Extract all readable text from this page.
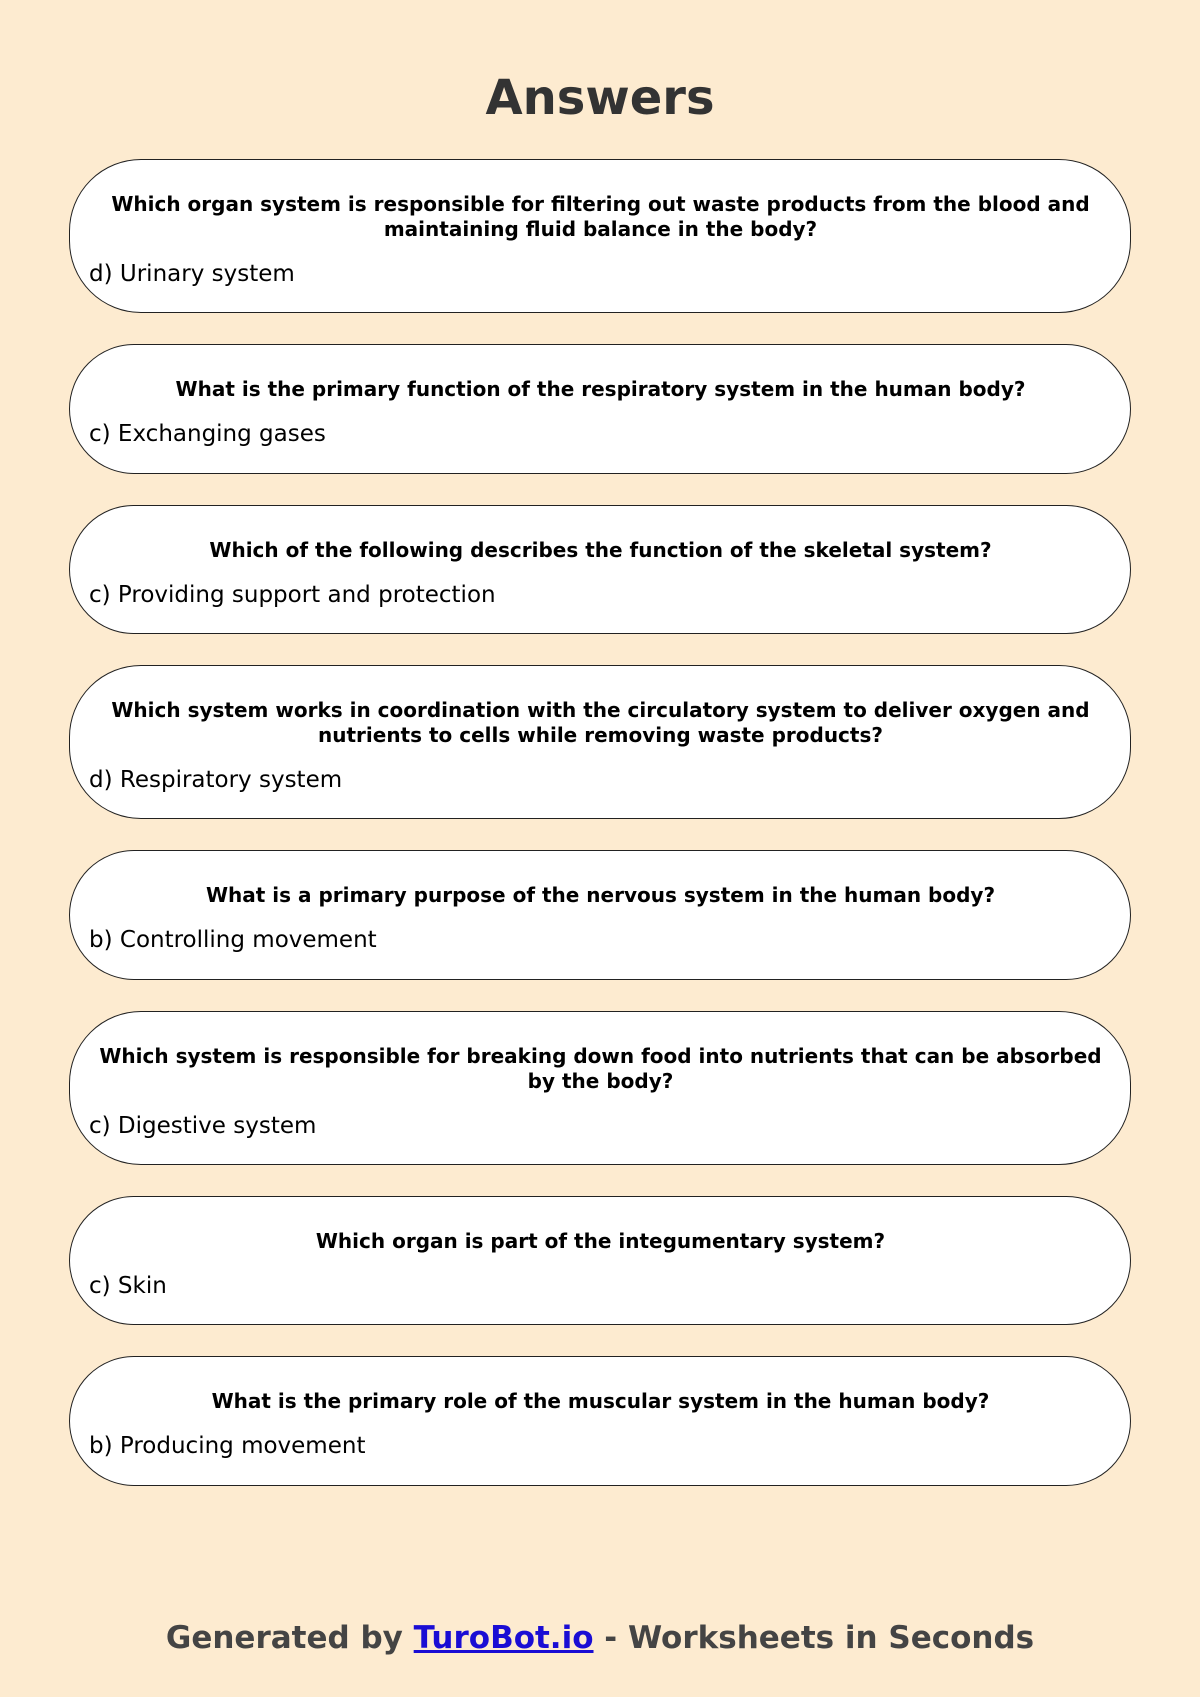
Answers

Which organ system is responsible for filtering out waste products from the blood and maintaining fluid balance in the body?

d) Urinary system

What is the primary function of the respiratory system in the human body?

c) Exchanging gases

Which of the following describes the function of the skeletal system?

c) Providing support and protection

Which system works in coordination with the circulatory system to deliver oxygen and nutrients to cells while removing waste products?

d) Respiratory system

What is a primary purpose of the nervous system in the human body?

b) Controlling movement

Which system is responsible for breaking down food into nutrients that can be absorbed by the body?

c) Digestive system

Which organ is part of the integumentary system?

c) Skin

What is the primary role of the muscular system in the human body?

b) Producing movement

Generated by TuroBot.io - Worksheets in Seconds
